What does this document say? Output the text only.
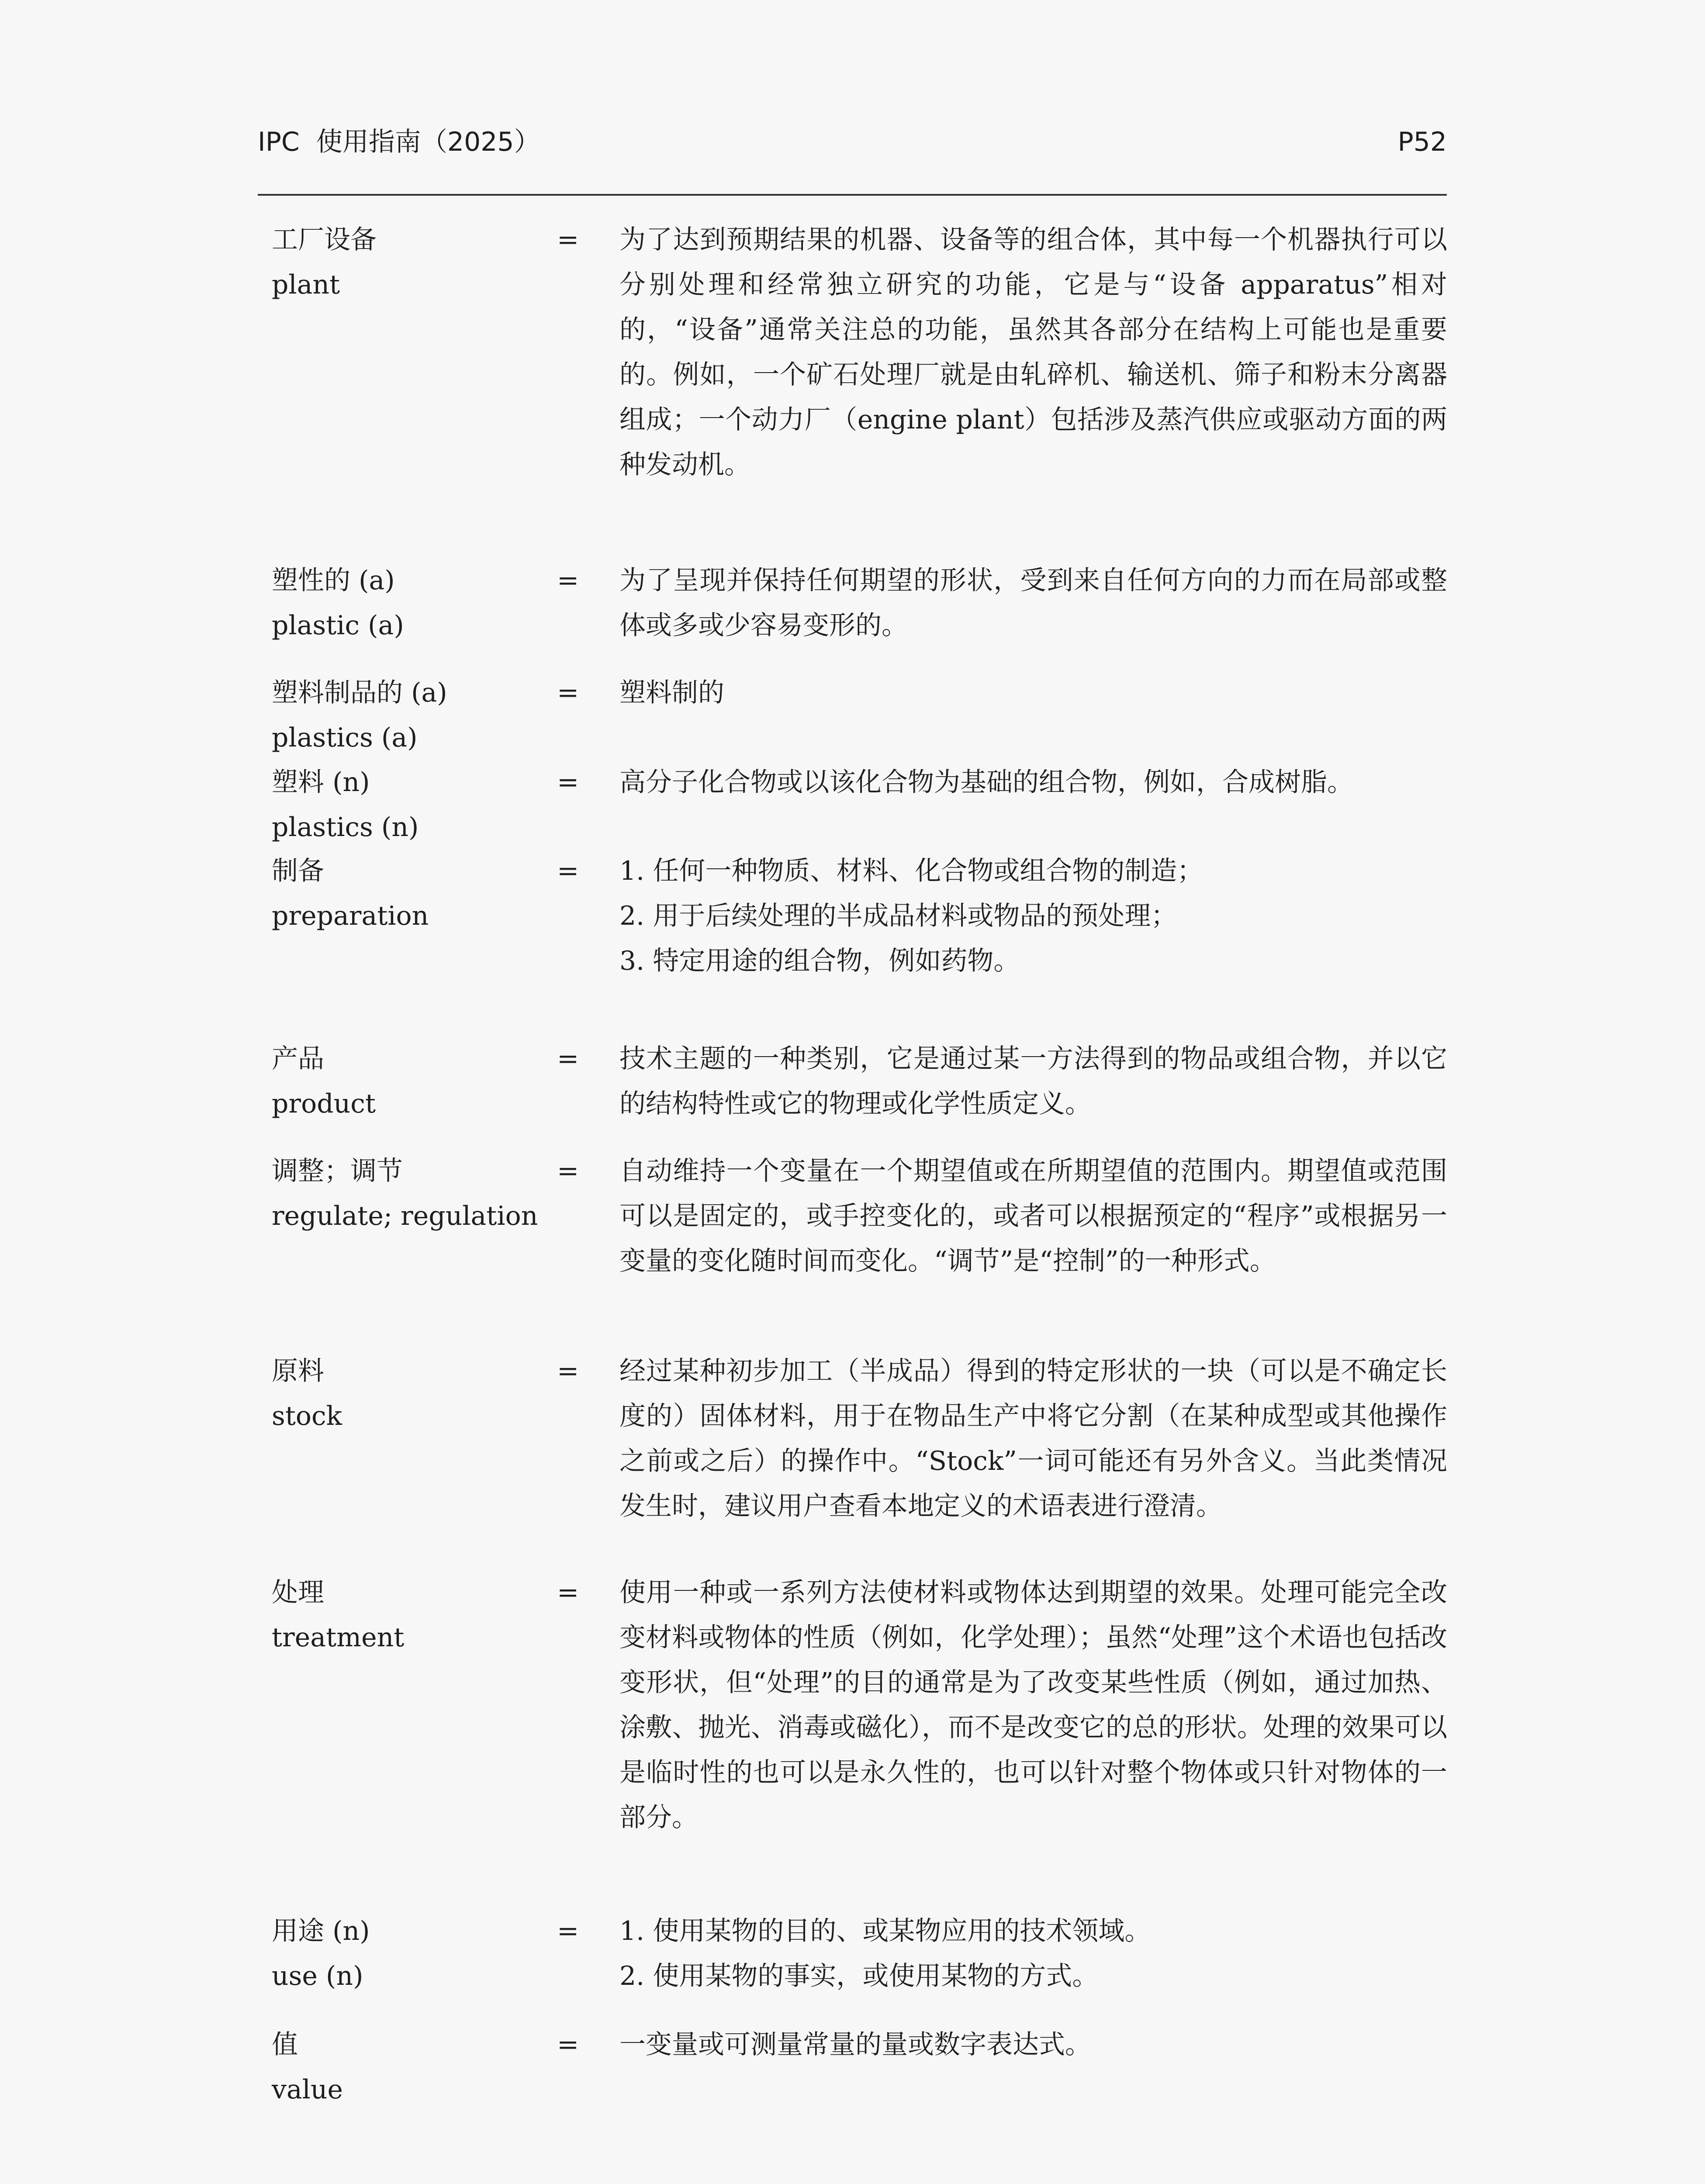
IPC  使用指南（2025）	P52
工厂设备
plant
= 为了达到预期结果的机器、设备等的组合体，其中每一个机器执行可以分别处理和经常独立研究的功能，它是与“设备 apparatus”相对的，“设备”通常关注总的功能，虽然其各部分在结构上可能也是重要的。例如，一个矿石处理厂就是由轧碎机、输送机、筛子和粉末分离器组成；一个动力厂（engine plant）包括涉及蒸汽供应或驱动方面的两种发动机。
塑性的 (a)
plastic (a)
= 为了呈现并保持任何期望的形状，受到来自任何方向的力而在局部或整体或多或少容易变形的。
塑料制品的 (a)
plastics (a)
= 塑料制的
塑料 (n)
plastics (n)
= 高分子化合物或以该化合物为基础的组合物，例如，合成树脂。
制备
preparation
= 1. 任何一种物质、材料、化合物或组合物的制造；
2. 用于后续处理的半成品材料或物品的预处理；
3. 特定用途的组合物，例如药物。
产品
product
= 技术主题的一种类别，它是通过某一方法得到的物品或组合物，并以它的结构特性或它的物理或化学性质定义。
调整；调节
regulate; regulation
= 自动维持一个变量在一个期望值或在所期望值的范围内。期望值或范围可以是固定的，或手控变化的，或者可以根据预定的“程序”或根据另一变量的变化随时间而变化。“调节”是“控制”的一种形式。
原料
stock
= 经过某种初步加工（半成品）得到的特定形状的一块（可以是不确定长度的）固体材料，用于在物品生产中将它分割（在某种成型或其他操作之前或之后）的操作中。“Stock”一词可能还有另外含义。当此类情况发生时，建议用户查看本地定义的术语表进行澄清。
处理
treatment
= 使用一种或一系列方法使材料或物体达到期望的效果。处理可能完全改变材料或物体的性质（例如，化学处理）；虽然“处理”这个术语也包括改变形状，但“处理”的目的通常是为了改变某些性质（例如，通过加热、涂敷、抛光、消毒或磁化），而不是改变它的总的形状。处理的效果可以是临时性的也可以是永久性的，也可以针对整个物体或只针对物体的一部分。
用途 (n)
use (n)
= 1. 使用某物的目的、或某物应用的技术领域。
2. 使用某物的事实，或使用某物的方式。
值
value
= 一变量或可测量常量的量或数字表达式。
